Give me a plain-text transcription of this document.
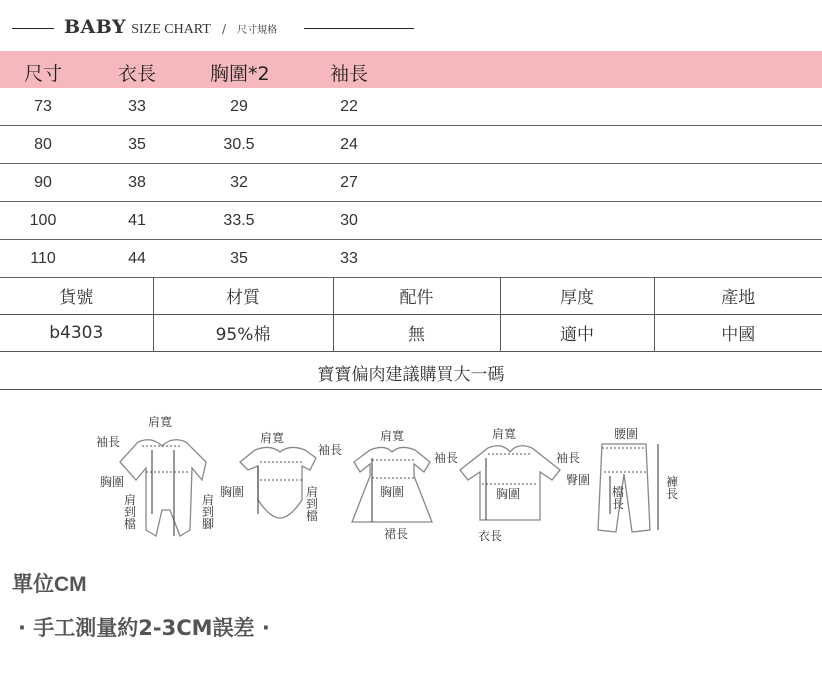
BABY SIZE CHART / 尺寸規格
尺寸	衣長	胸圍*2	袖長
73	33	29	22
80	35	30.5	24
90	38	32	27
100	41	33.5	30
110	44	35	33
貨號	材質	配件	厚度	產地
b4303	95%棉	無	適中	中國
寶寶偏肉建議購買大一碼
肩寬
袖長
胸圍
肩到檔
肩到腳
肩寬
袖長
胸圍	肩到檔
肩寬
袖長
胸圍
裙長
肩寬
袖長
胸圍
衣長
腰圍
臀圍
檔長
褲長
單位CM
· 手工測量約2-3CM誤差 ·
